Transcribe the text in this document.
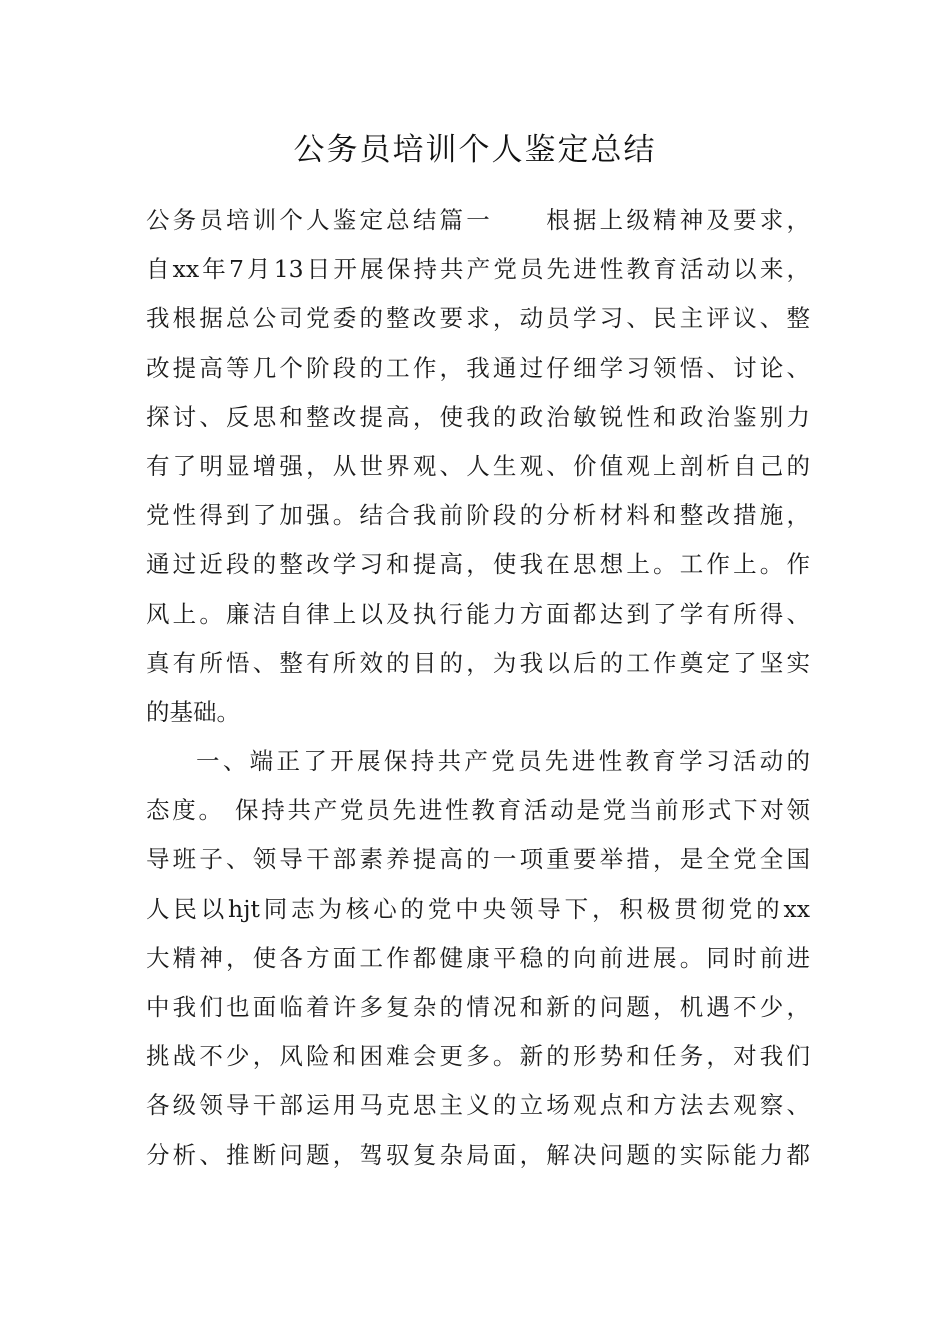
公务员培训个人鉴定总结
公务员培训个人鉴定总结篇一　　根据上级精神及要求，
自xx年7月13日开展保持共产党员先进性教育活动以来，
我根据总公司党委的整改要求，动员学习、民主评议、整
改提高等几个阶段的工作，我通过仔细学习领悟、讨论、
探讨、反思和整改提高，使我的政治敏锐性和政治鉴别力
有了明显增强，从世界观、人生观、价值观上剖析自己的
党性得到了加强。结合我前阶段的分析材料和整改措施，
通过近段的整改学习和提高，使我在思想上。工作上。作
风上。廉洁自律上以及执行能力方面都达到了学有所得、
真有所悟、整有所效的目的，为我以后的工作奠定了坚实
的基础。
一、端正了开展保持共产党员先进性教育学习活动的
态度。 保持共产党员先进性教育活动是党当前形式下对领
导班子、领导干部素养提高的一项重要举措，是全党全国
人民以hjt同志为核心的党中央领导下，积极贯彻党的xx
大精神，使各方面工作都健康平稳的向前进展。同时前进
中我们也面临着许多复杂的情况和新的问题，机遇不少，
挑战不少，风险和困难会更多。新的形势和任务，对我们
各级领导干部运用马克思主义的立场观点和方法去观察、
分析、推断问题，驾驭复杂局面，解决问题的实际能力都
